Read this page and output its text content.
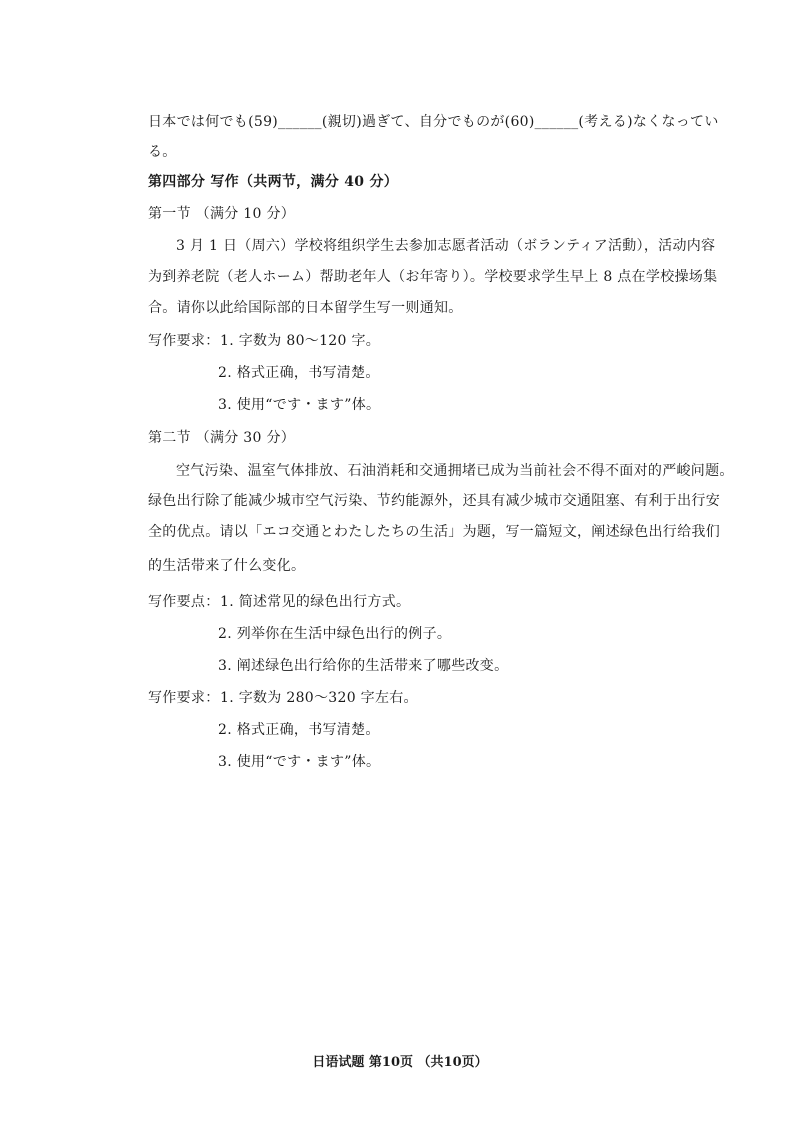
日本では何でも(59)______(親切)過ぎて、自分でものが(60)______(考える)なくなってい
る。
第四部分 写作（共两节，满分 40 分）
第一节 （满分 10 分）
3 月 1 日（周六）学校将组织学生去参加志愿者活动（ボランティア活動），活动内容
为到养老院（老人ホーム）帮助老年人（お年寄り）。学校要求学生早上 8 点在学校操场集
合。请你以此给国际部的日本留学生写一则通知。
写作要求： 1. 字数为 80～120 字。
2. 格式正确，书写清楚。
3. 使用“です・ます”体。
第二节 （满分 30 分）
空气污染、温室气体排放、石油消耗和交通拥堵已成为当前社会不得不面对的严峻问题。
绿色出行除了能减少城市空气污染、节约能源外，还具有减少城市交通阻塞、有利于出行安
全的优点。请以「エコ交通とわたしたちの生活」为题，写一篇短文，阐述绿色出行给我们
的生活带来了什么变化。
写作要点： 1. 简述常见的绿色出行方式。
2. 列举你在生活中绿色出行的例子。
3. 阐述绿色出行给你的生活带来了哪些改变。
写作要求： 1. 字数为 280～320 字左右。
2. 格式正确，书写清楚。
3. 使用“です・ます”体。
日语试题 第10页 （共10页）
